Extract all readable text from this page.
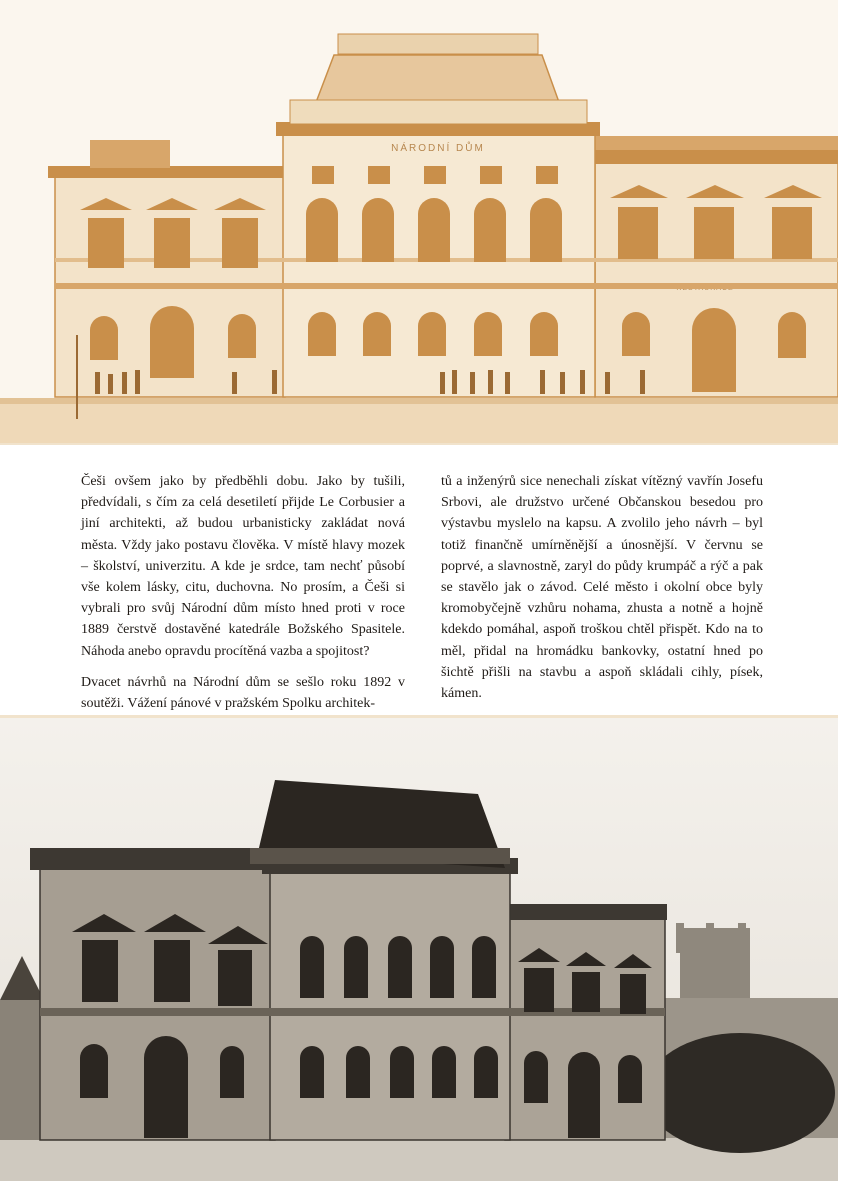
NÁRODNÍ DŮM

Češi ovšem jako by předběhli dobu. Jako by tušili, předvídali, s čím za celá desetiletí přijde Le Corbusier a jiní architekti, až budou urbanisticky zakládat nová města. Vždy jako postavu člověka. V místě hlavy mozek – školství, univerzitu. A kde je srdce, tam nechť působí vše kolem lásky, citu, duchovna. No prosím, a Češi si vybrali pro svůj Národní dům místo hned proti v roce 1889 čerstvě dostavěné katedrále Božského Spasitele. Náhoda anebo opravdu procítěná vazba a spojitost?

Dvacet návrhů na Národní dům se sešlo roku 1892 v soutěži. Vážení pánové v pražském Spolku architek-

tů a inženýrů sice nenechali získat vítězný vavřín Josefu Srbovi, ale družstvo určené Občanskou besedou pro výstavbu myslelo na kapsu. A zvolilo jeho návrh – byl totiž finančně umírněnější a únosnější. V červnu se poprvé, a slavnostně, zaryl do půdy krumpáč a rýč a pak se stavělo jak o závod. Celé město i okolní obce byly kromobyčejně vzhůru nohama, zhusta a notně a hojně kdekdo pomáhal, aspoň troškou chtěl přispět. Kdo na to měl, přidal na hromádku bankovky, ostatní hned po šichtě přišli na stavbu a aspoň skládali cihly, písek, kámen.
